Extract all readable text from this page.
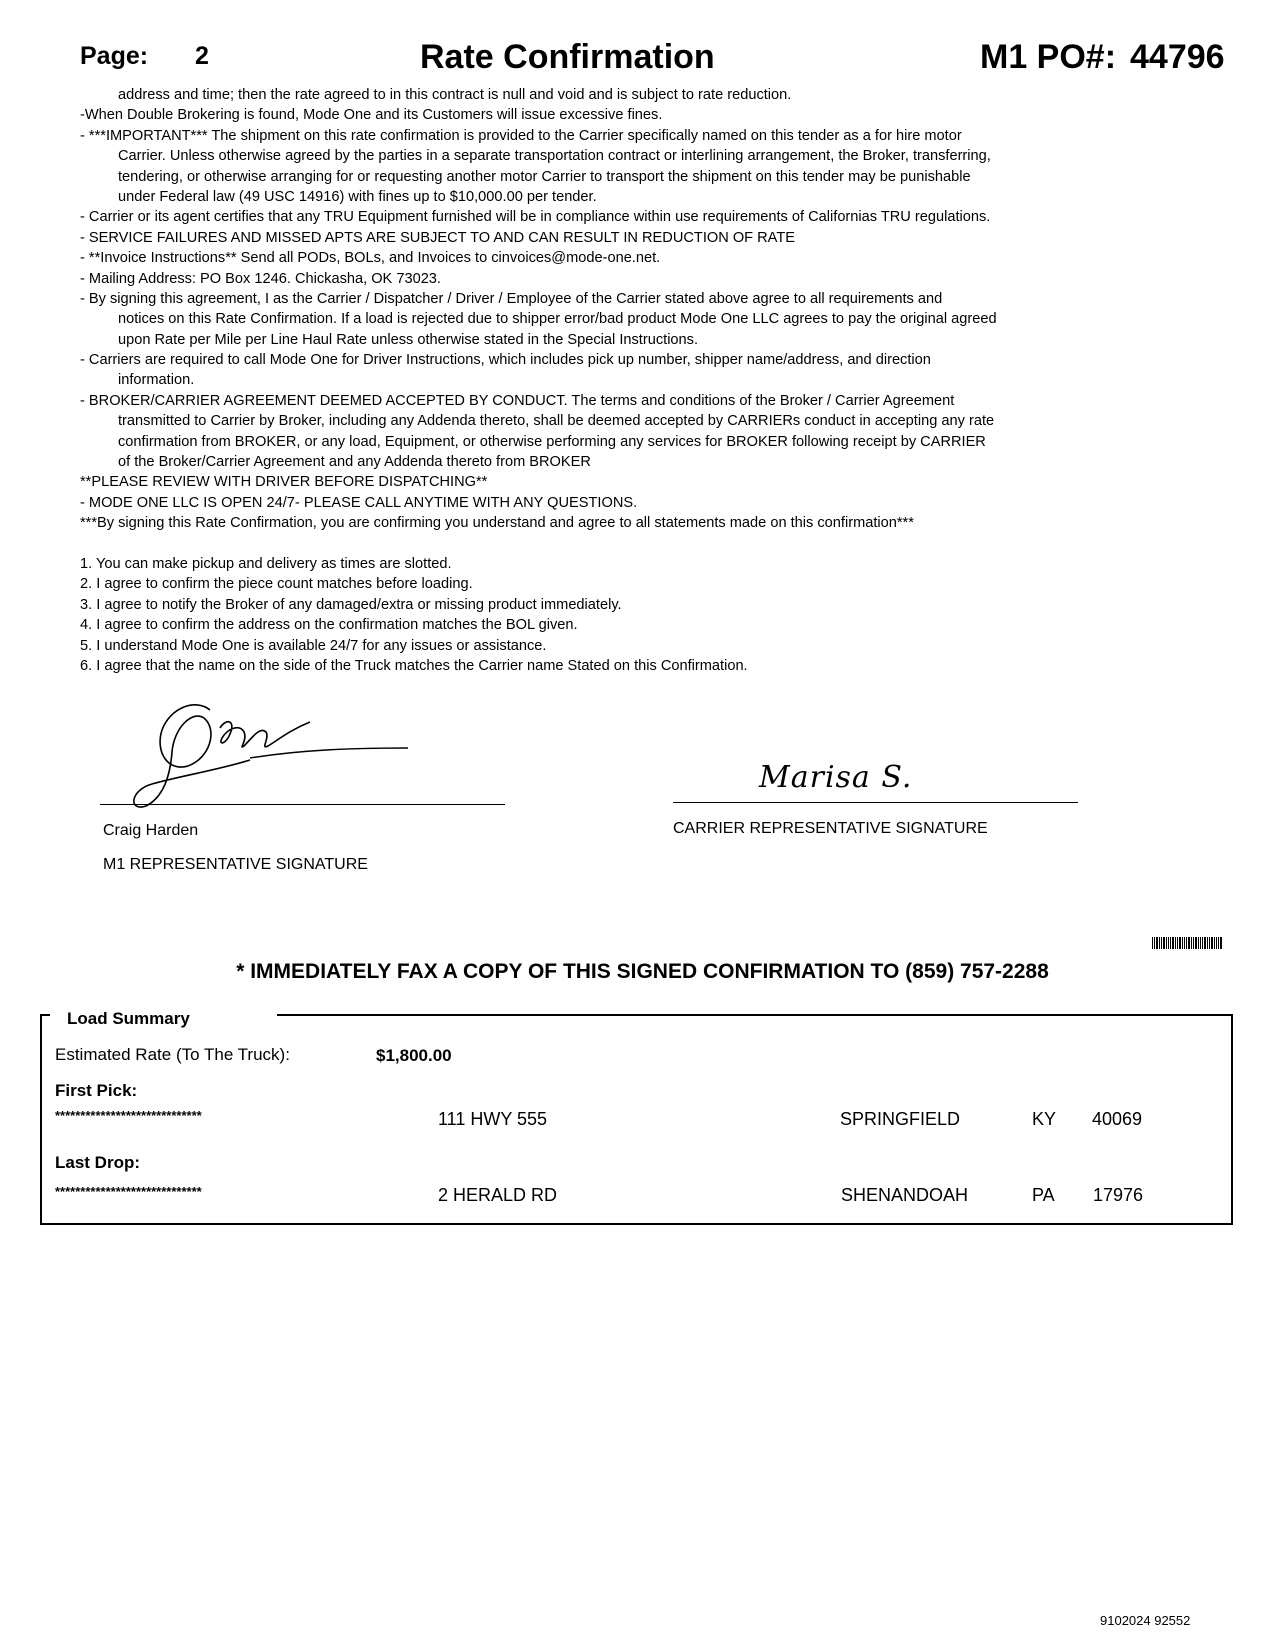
Page: 2	Rate Confirmation	M1 PO#: 44796
address and time; then the rate agreed to in this contract is null and void and is subject to rate reduction.
-When Double Brokering is found, Mode One and its Customers will issue excessive fines.
- ***IMPORTANT*** The shipment on this rate confirmation is provided to the Carrier specifically named on this tender as a for hire motor
Carrier. Unless otherwise agreed by the parties in a separate transportation contract or interlining arrangement, the Broker, transferring,
tendering, or otherwise arranging for or requesting another motor Carrier to transport the shipment on this tender may be punishable
under Federal law (49 USC 14916) with fines up to $10,000.00 per tender.
- Carrier or its agent certifies that any TRU Equipment furnished will be in compliance within use requirements of Californias TRU regulations.
- SERVICE FAILURES AND MISSED APTS ARE SUBJECT TO AND CAN RESULT IN REDUCTION OF RATE
- **Invoice Instructions** Send all PODs, BOLs, and Invoices to cinvoices@mode-one.net.
- Mailing Address: PO Box 1246. Chickasha, OK 73023.
- By signing this agreement, I as the Carrier / Dispatcher / Driver / Employee of the Carrier stated above agree to all requirements and
notices on this Rate Confirmation. If a load is rejected due to shipper error/bad product Mode One LLC agrees to pay the original agreed
upon Rate per Mile per Line Haul Rate unless otherwise stated in the Special Instructions.
- Carriers are required to call Mode One for Driver Instructions, which includes pick up number, shipper name/address, and direction
information.
- BROKER/CARRIER AGREEMENT DEEMED ACCEPTED BY CONDUCT. The terms and conditions of the Broker / Carrier Agreement
transmitted to Carrier by Broker, including any Addenda thereto, shall be deemed accepted by CARRIERs conduct in accepting any rate
confirmation from BROKER, or any load, Equipment, or otherwise performing any services for BROKER following receipt by CARRIER
of the Broker/Carrier Agreement and any Addenda thereto from BROKER
**PLEASE REVIEW WITH DRIVER BEFORE DISPATCHING**
- MODE ONE LLC IS OPEN 24/7- PLEASE CALL ANYTIME WITH ANY QUESTIONS.
***By signing this Rate Confirmation, you are confirming you understand and agree to all statements made on this confirmation***
1. You can make pickup and delivery as times are slotted.
2. I agree to confirm the piece count matches before loading.
3. I agree to notify the Broker of any damaged/extra or missing product immediately.
4. I agree to confirm the address on the confirmation matches the BOL given.
5. I understand Mode One is available 24/7 for any issues or assistance.
6. I agree that the name on the side of the Truck matches the Carrier name Stated on this Confirmation.
Craig Harden
M1 REPRESENTATIVE SIGNATURE
Marisa S.
CARRIER REPRESENTATIVE SIGNATURE
* IMMEDIATELY FAX A COPY OF THIS SIGNED CONFIRMATION TO (859) 757-2288
Load Summary
Estimated Rate (To The Truck):	$1,800.00
First Pick:
*****************************	111 HWY 555	SPRINGFIELD	KY 40069
Last Drop:
*****************************	2 HERALD RD	SHENANDOAH	PA 17976
9102024 92552
